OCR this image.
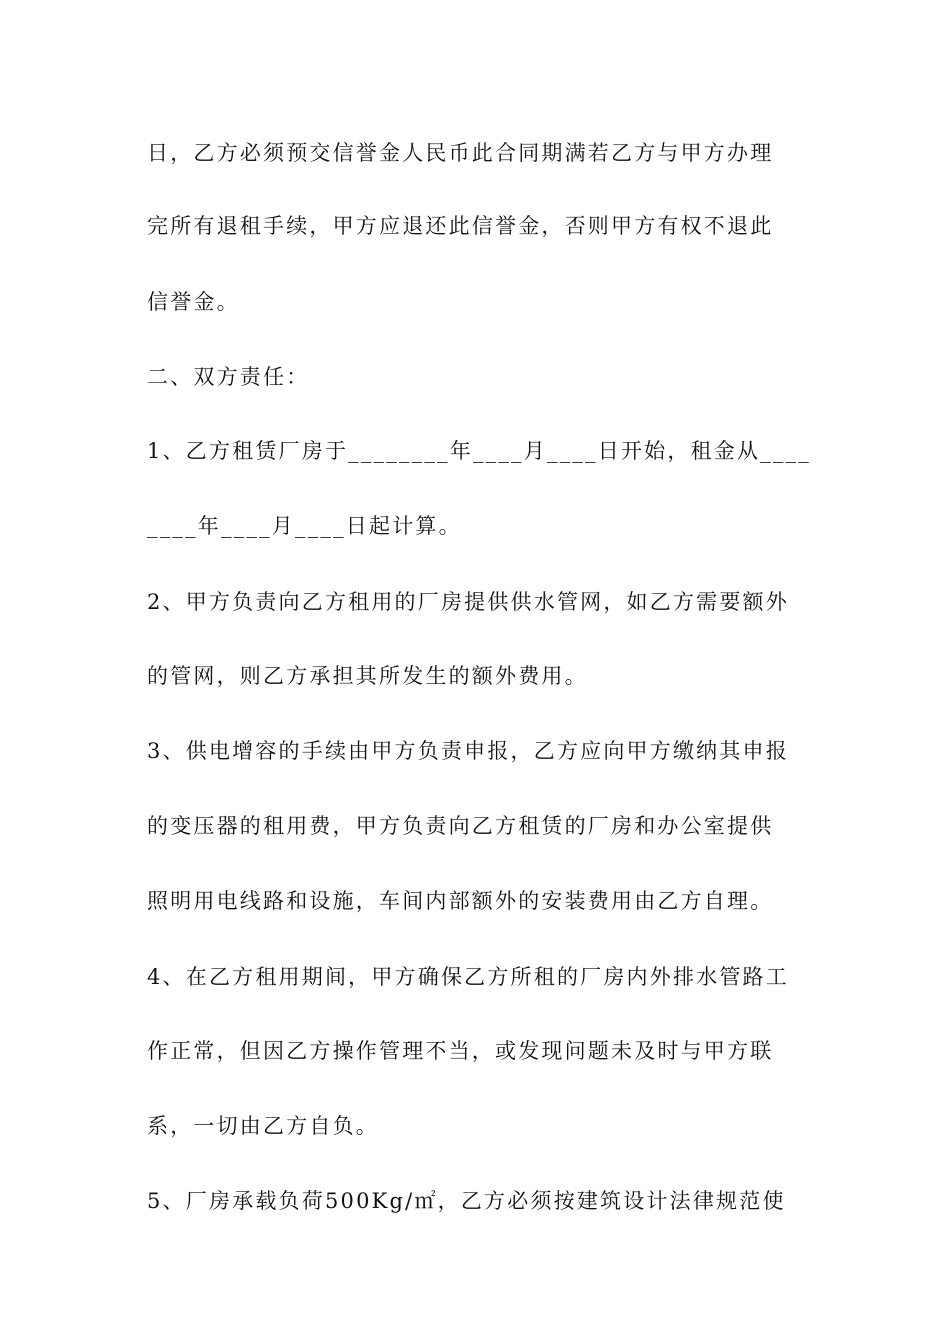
日，乙方必须预交信誉金人民币此合同期满若乙方与甲方办理
完所有退租手续，甲方应退还此信誉金，否则甲方有权不退此
信誉金。
二、双方责任：
1、乙方租赁厂房于________年____月____日开始，租金从____
____年____月____日起计算。
2、甲方负责向乙方租用的厂房提供供水管网，如乙方需要额外
的管网，则乙方承担其所发生的额外费用。
3、供电增容的手续由甲方负责申报，乙方应向甲方缴纳其申报
的变压器的租用费，甲方负责向乙方租赁的厂房和办公室提供
照明用电线路和设施，车间内部额外的安装费用由乙方自理。
4、在乙方租用期间，甲方确保乙方所租的厂房内外排水管路工
作正常，但因乙方操作管理不当，或发现问题未及时与甲方联
系，一切由乙方自负。
5、厂房承载负荷500Kg/㎡，乙方必须按建筑设计法律规范使
